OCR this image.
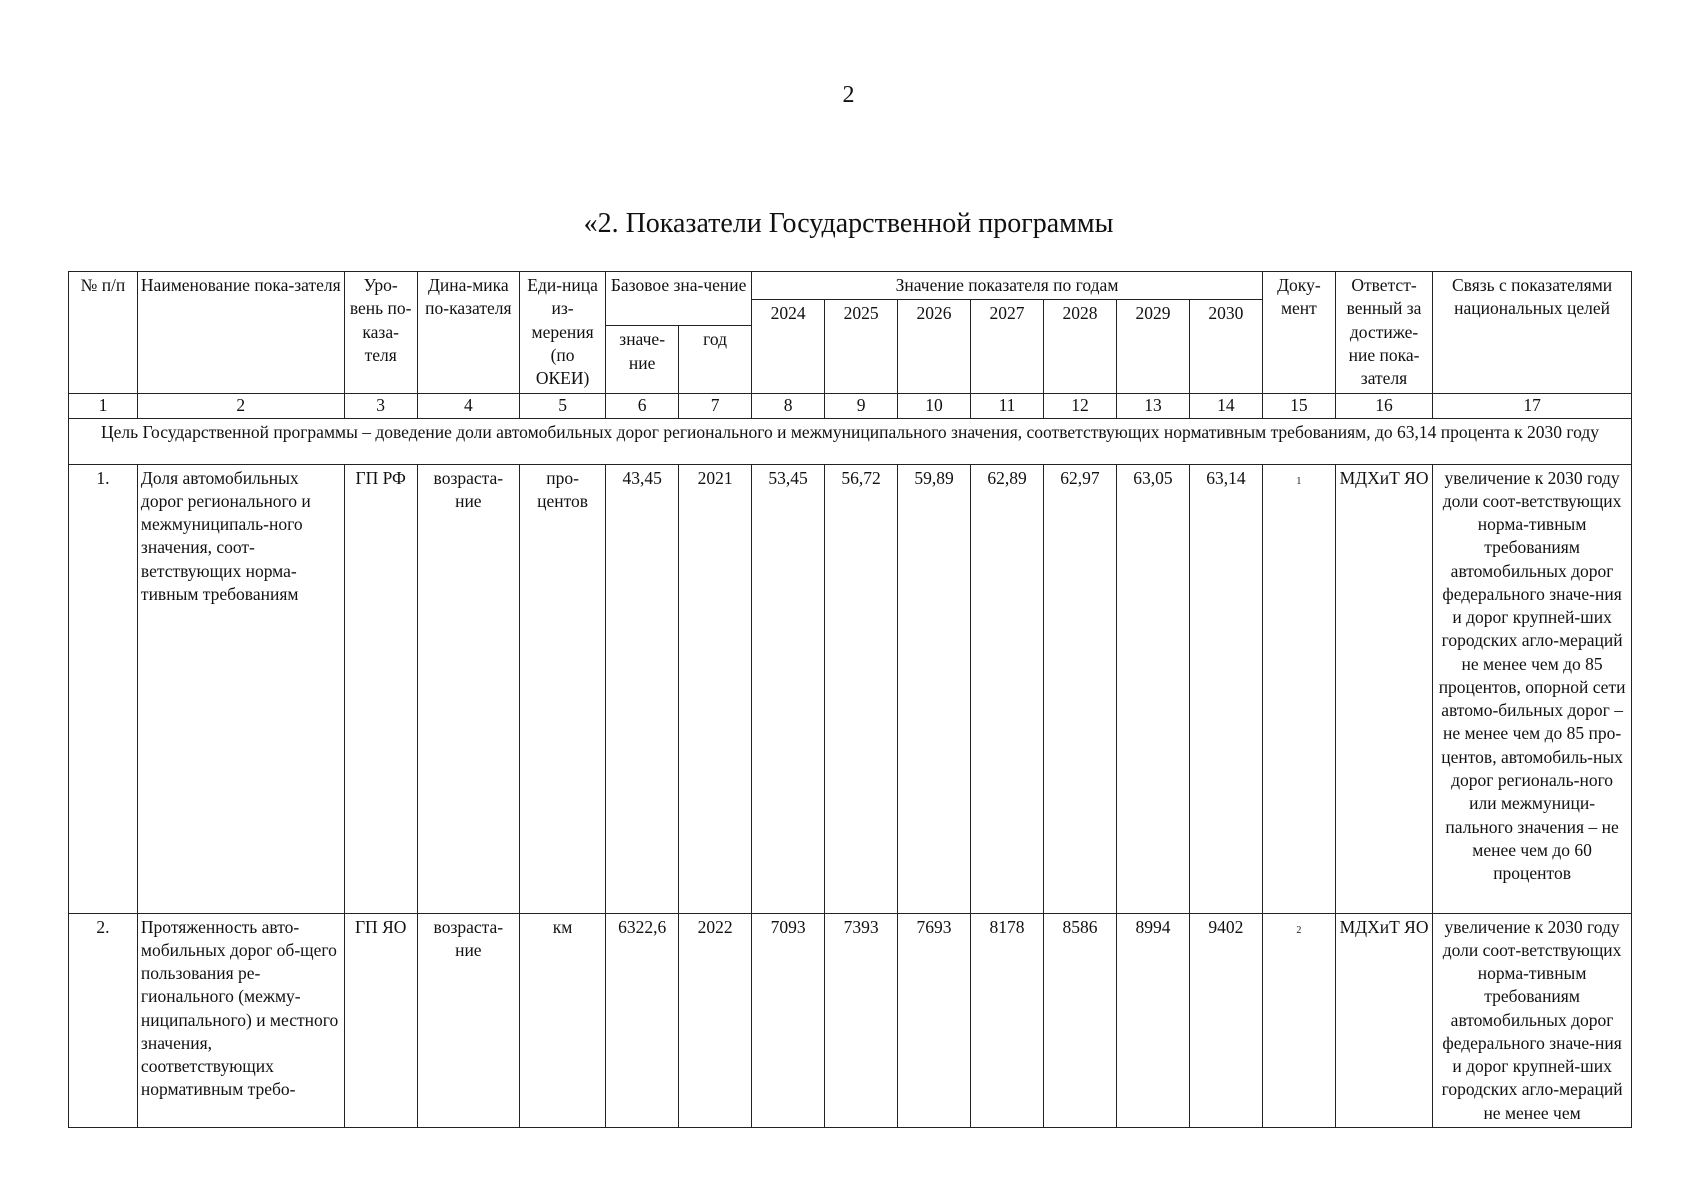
2
«2. Показатели Государственной программы
№ п/п	Наименование пока-зателя	Уро-вень по-каза-теля	Дина-мика по-казателя	Еди-ница из-мерения (по ОКЕИ)	Базовое зна-чение		Значение показателя по годам							Доку-мент	Ответст-венный за достиже-ние пока-зателя	Связь с показателями национальных целей
							2024	2025	2026	2027	2028	2029	2030			
					значе-ние	год										
1	2	3	4	5	6	7	8	9	10	11	12	13	14	15	16	17
Цель Государственной программы – доведение доли автомобильных дорог регионального и межмуниципального значения, соответствующих нормативным требованиям, до 63,14 процента к 2030 году																
1.	Доля автомобильных дорог регионального и межмуниципаль-ного значения, соот-ветствующих норма-тивным требованиям	ГП РФ	возраста-ние	про-центов	43,45	2021	53,45	56,72	59,89	62,89	62,97	63,05	63,14	1	МДХиТ ЯО	увеличение к 2030 году доли соот-ветствующих норма-тивным требованиям автомобильных дорог федерального значе-ния и дорог крупней-ших городских агло-мераций не менее чем до 85 процентов, опорной сети автомо-бильных дорог – не менее чем до 85 про-центов, автомобиль-ных дорог региональ-ного или межмуници-пального значения – не менее чем до 60 процентов
2.	Протяженность авто-мобильных дорог об-щего пользования ре-гионального (межму-ниципального) и местного значения, соответствующих нормативным требо-	ГП ЯО	возраста-ние	км	6322,6	2022	7093	7393	7693	8178	8586	8994	9402	2	МДХиТ ЯО	увеличение к 2030 году доли соот-ветствующих норма-тивным требованиям автомобильных дорог федерального значе-ния и дорог крупней-ших городских агло-мераций не менее чем
